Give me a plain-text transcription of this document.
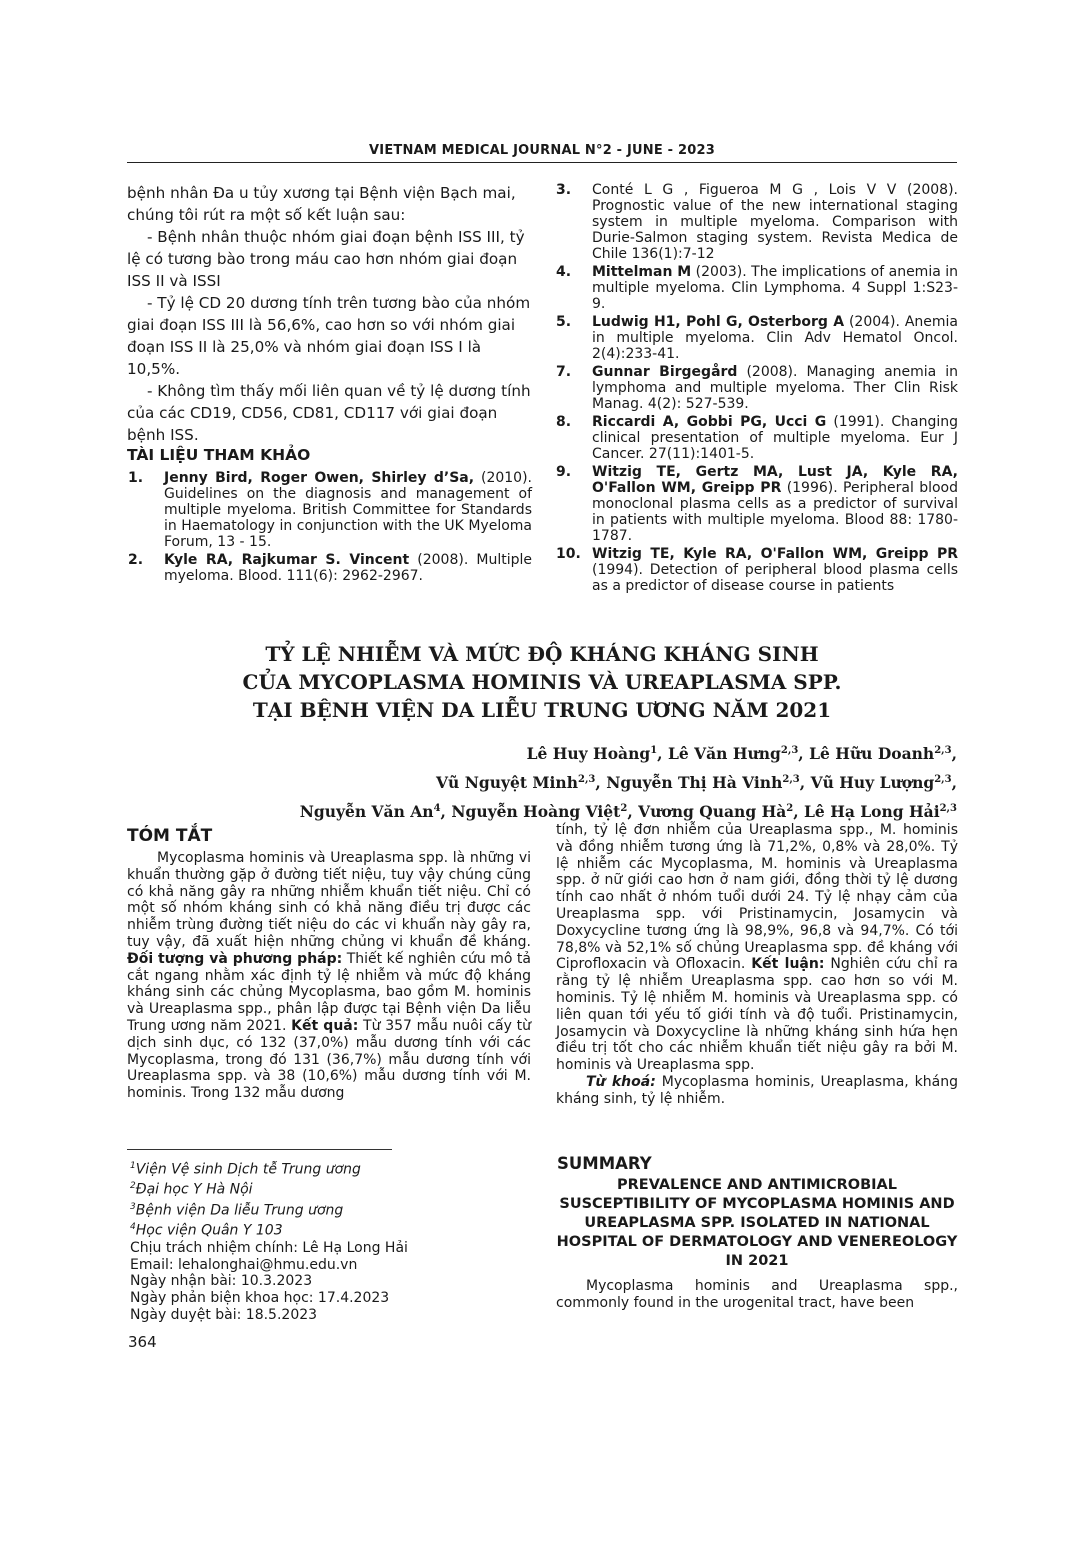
VIETNAM MEDICAL JOURNAL N°2 - JUNE - 2023

bệnh nhân Đa u tủy xương tại Bệnh viện Bạch mai, chúng tôi rút ra một số kết luận sau:

- Bệnh nhân thuộc nhóm giai đoạn bệnh ISS III, tỷ lệ có tương bào trong máu cao hơn nhóm giai đoạn ISS II và ISSI

- Tỷ lệ CD 20 dương tính trên tương bào của nhóm giai đoạn ISS III là 56,6%, cao hơn so với nhóm giai đoạn ISS II là 25,0% và nhóm giai đoạn ISS I là 10,5%.

- Không tìm thấy mối liên quan về tỷ lệ dương tính của các CD19, CD56, CD81, CD117 với giai đoạn bệnh ISS.

TÀI LIỆU THAM KHẢO
1.	Jenny Bird, Roger Owen, Shirley d’Sa, (2010). Guidelines on the diagnosis and management of multiple myeloma. British Committee for Standards in Haematology in conjunction with the UK Myeloma Forum, 13 - 15.
2.	Kyle RA, Rajkumar S. Vincent (2008). Multiple myeloma. Blood. 111(6): 2962-2967.
3.	Conté L G , Figueroa M G , Lois V V (2008). Prognostic value of the new international staging system in multiple myeloma. Comparison with Durie-Salmon staging system. Revista Medica de Chile 136(1):7-12
4.	Mittelman M (2003). The implications of anemia in multiple myeloma. Clin Lymphoma. 4 Suppl 1:S23-9.
5.	Ludwig H1, Pohl G, Osterborg A (2004). Anemia in multiple myeloma. Clin Adv Hematol Oncol. 2(4):233-41.
7.	Gunnar Birgegård (2008). Managing anemia in lymphoma and multiple myeloma. Ther Clin Risk Manag. 4(2): 527-539.
8.	Riccardi A, Gobbi PG, Ucci G (1991). Changing clinical presentation of multiple myeloma. Eur J Cancer. 27(11):1401-5.
9.	Witzig TE, Gertz MA, Lust JA, Kyle RA, O'Fallon WM, Greipp PR (1996). Peripheral blood monoclonal plasma cells as a predictor of survival in patients with multiple myeloma. Blood 88: 1780-1787.
10. Witzig TE, Kyle RA, O'Fallon WM, Greipp PR (1994). Detection of peripheral blood plasma cells as a predictor of disease course in patients
TỶ LỆ NHIỄM VÀ MỨC ĐỘ KHÁNG KHÁNG SINH
CỦA MYCOPLASMA HOMINIS VÀ UREAPLASMA SPP.
TẠI BỆNH VIỆN DA LIỄU TRUNG ƯƠNG NĂM 2021
Lê Huy Hoàng$^1$, Lê Văn Hưng$^{2,3}$, Lê Hữu Doanh$^{2,3}$,
Vũ Nguyệt Minh$^{2,3}$, Nguyễn Thị Hà Vinh$^{2,3}$, Vũ Huy Lượng$^{2,3}$,
Nguyễn Văn An$^4$, Nguyễn Hoàng Việt$^2$, Vương Quang $Hà^2$, Lê Hạ Long Hải$^{2,3}$
TÓM TẮT
Mycoplasma hominis và Ureaplasma spp. là những vi khuẩn thường gặp ở đường tiết niệu, tuy vậy chúng cũng có khả năng gây ra những nhiễm khuẩn tiết niệu. Chỉ có một số nhóm kháng sinh có khả năng điều trị được các nhiễm trùng đường tiết niệu do các vi khuẩn này gây ra, tuy vậy, đã xuất hiện những chủng vi khuẩn đề kháng. Đối tượng và phương pháp: Thiết kế nghiên cứu mô tả cắt ngang nhằm xác định tỷ lệ nhiễm và mức độ kháng kháng sinh các chủng Mycoplasma, bao gồm M. hominis và Ureaplasma spp., phân lập được tại Bệnh viện Da liễu Trung ương năm 2021. Kết quả: Từ 357 mẫu nuôi cấy từ dịch sinh dục, có 132 (37,0%) mẫu dương tính với các Mycoplasma, trong đó 131 (36,7%) mẫu dương tính với Ureaplasma spp. và 38 (10,6%) mẫu dương tính với M. hominis. Trong 132 mẫu dương
tính, tỷ lệ đơn nhiễm của Ureaplasma spp., M. hominis và đồng nhiễm tương ứng là 71,2%, 0,8% và 28,0%. Tỷ lệ nhiễm các Mycoplasma, M. hominis và Ureaplasma spp. ở nữ giới cao hơn ở nam giới, đồng thời tỷ lệ dương tính cao nhất ở nhóm tuổi dưới 24. Tỷ lệ nhạy cảm của Ureaplasma spp. với Pristinamycin, Josamycin và Doxycycline tương ứng là 98,9%, 96,8 và 94,7%. Có tới 78,8% và 52,1% số chủng Ureaplasma spp. đề kháng với Ciprofloxacin và Ofloxacin. Kết luận: Nghiên cứu chỉ ra rằng tỷ lệ nhiễm Ureaplasma spp. cao hơn so với M. hominis. Tỷ lệ nhiễm M. hominis và Ureaplasma spp. có liên quan tới yếu tố giới tính và độ tuổi. Pristinamycin, Josamycin và Doxycycline là những kháng sinh hứa hẹn điều trị tốt cho các nhiễm khuẩn tiết niệu gây ra bởi M. hominis và Ureaplasma spp.
Từ khoá: Mycoplasma hominis, Ureaplasma, kháng kháng sinh, tỷ lệ nhiễm.
$^1$Viện Vệ sinh Dịch tễ Trung ương
$^2$Đại học Y Hà Nội
$^3$Bệnh viện Da liễu Trung ương
$^4$Học viện Quân Y 103
Chịu trách nhiệm chính: Lê Hạ Long Hải
Email: lehalonghai@hmu.edu.vn
Ngày nhận bài: 10.3.2023
Ngày phản biện khoa học: 17.4.2023
Ngày duyệt bài: 18.5.2023
SUMMARY
PREVALENCE AND ANTIMICROBIAL SUSCEPTIBILITY OF MYCOPLASMA HOMINIS AND UREAPLASMA SPP. ISOLATED IN NATIONAL HOSPITAL OF DERMATOLOGY AND VENEREOLOGY IN 2021
Mycoplasma hominis and Ureaplasma spp., commonly found in the urogenital tract, have been
364
